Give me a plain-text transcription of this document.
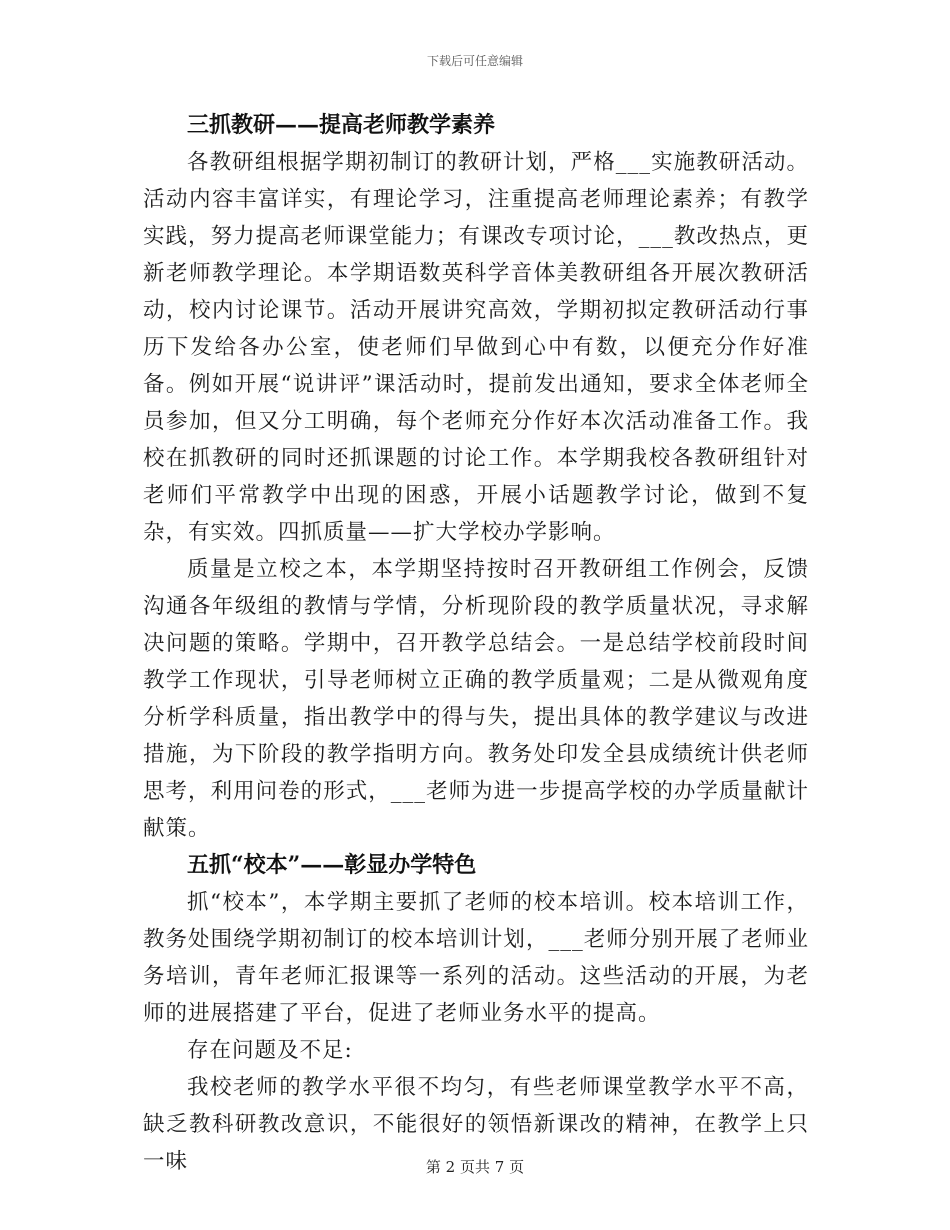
下载后可任意编辑
三抓教研——提高老师教学素养

各教研组根据学期初制订的教研计划，严格___实施教研活动。活动内容丰富详实，有理论学习，注重提高老师理论素养；有教学实践，努力提高老师课堂能力；有课改专项讨论，___教改热点，更新老师教学理论。本学期语数英科学音体美教研组各开展次教研活动，校内讨论课节。活动开展讲究高效，学期初拟定教研活动行事历下发给各办公室，使老师们早做到心中有数，以便充分作好准备。例如开展“说讲评”课活动时，提前发出通知，要求全体老师全员参加，但又分工明确，每个老师充分作好本次活动准备工作。我校在抓教研的同时还抓课题的讨论工作。本学期我校各教研组针对老师们平常教学中出现的困惑，开展小话题教学讨论，做到不复杂，有实效。四抓质量——扩大学校办学影响。

质量是立校之本，本学期坚持按时召开教研组工作例会，反馈沟通各年级组的教情与学情，分析现阶段的教学质量状况，寻求解决问题的策略。学期中，召开教学总结会。一是总结学校前段时间教学工作现状，引导老师树立正确的教学质量观；二是从微观角度分析学科质量，指出教学中的得与失，提出具体的教学建议与改进措施，为下阶段的教学指明方向。教务处印发全县成绩统计供老师思考，利用问卷的形式，___老师为进一步提高学校的办学质量献计献策。

五抓“校本”——彰显办学特色

抓“校本”，本学期主要抓了老师的校本培训。校本培训工作，教务处围绕学期初制订的校本培训计划，___老师分别开展了老师业务培训，青年老师汇报课等一系列的活动。这些活动的开展，为老师的进展搭建了平台，促进了老师业务水平的提高。

存在问题及不足:

我校老师的教学水平很不均匀，有些老师课堂教学水平不高，缺乏教科研教改意识，不能很好的领悟新课改的精神，在教学上只一味	第 2 页共 7 页
